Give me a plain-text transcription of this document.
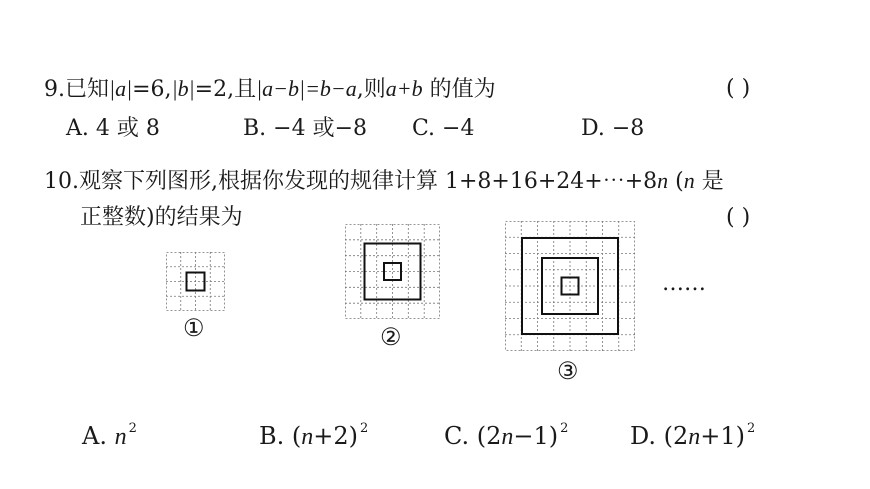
9.已知|a|=6,|b|=2,且|a−b|=b−a,则a+b 的值为	( )
A. 4 或 8	B. −4 或−8 C. −4	D. −8
10.观察下列图形,根据你发现的规律计算 1+8+16+24+⋯+8n (n 是
正整数)的结果为	( )
①	②
③
……
A. n $^2$	B. (n+2) $^2$	C. (2n−1) $^2$	D. (2n+1) $^2$
